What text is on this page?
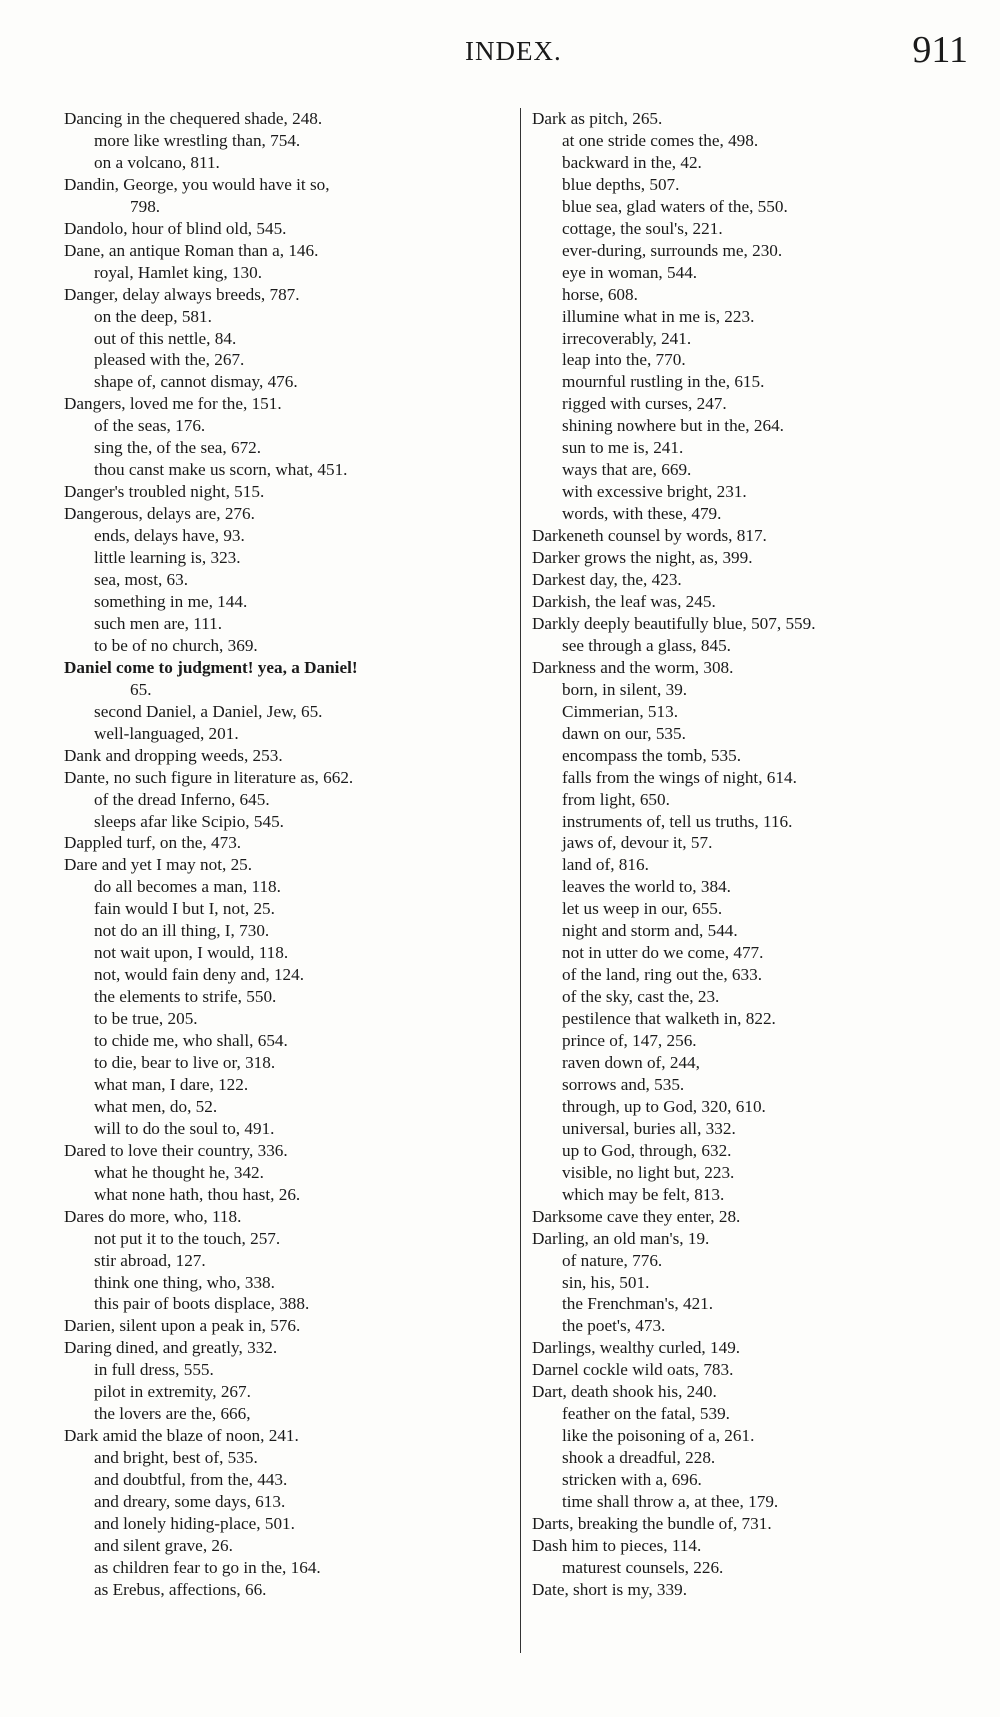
INDEX.	911
Dancing in the chequered shade, 248.
more like wrestling than, 754.
on a volcano, 811.
Dandin, George, you would have it so,
798.
Dandolo, hour of blind old, 545.
Dane, an antique Roman than a, 146.
royal, Hamlet king, 130.
Danger, delay always breeds, 787.
on the deep, 581.
out of this nettle, 84.
pleased with the, 267.
shape of, cannot dismay, 476.
Dangers, loved me for the, 151.
of the seas, 176.
sing the, of the sea, 672.
thou canst make us scorn, what, 451.
Danger's troubled night, 515.
Dangerous, delays are, 276.
ends, delays have, 93.
little learning is, 323.
sea, most, 63.
something in me, 144.
such men are, 111.
to be of no church, 369.
Daniel come to judgment! yea, a Daniel!
65.
second Daniel, a Daniel, Jew, 65.
well-languaged, 201.
Dank and dropping weeds, 253.
Dante, no such figure in literature as, 662.
of the dread Inferno, 645.
sleeps afar like Scipio, 545.
Dappled turf, on the, 473.
Dare and yet I may not, 25.
do all becomes a man, 118.
fain would I but I, not, 25.
not do an ill thing, I, 730.
not wait upon, I would, 118.
not, would fain deny and, 124.
the elements to strife, 550.
to be true, 205.
to chide me, who shall, 654.
to die, bear to live or, 318.
what man, I dare, 122.
what men, do, 52.
will to do the soul to, 491.
Dared to love their country, 336.
what he thought he, 342.
what none hath, thou hast, 26.
Dares do more, who, 118.
not put it to the touch, 257.
stir abroad, 127.
think one thing, who, 338.
this pair of boots displace, 388.
Darien, silent upon a peak in, 576.
Daring dined, and greatly, 332.
in full dress, 555.
pilot in extremity, 267.
the lovers are the, 666,
Dark amid the blaze of noon, 241.
and bright, best of, 535.
and doubtful, from the, 443.
and dreary, some days, 613.
and lonely hiding-place, 501.
and silent grave, 26.
as children fear to go in the, 164.
as Erebus, affections, 66.
Dark as pitch, 265.
at one stride comes the, 498.
backward in the, 42.
blue depths, 507.
blue sea, glad waters of the, 550.
cottage, the soul's, 221.
ever-during, surrounds me, 230.
eye in woman, 544.
horse, 608.
illumine what in me is, 223.
irrecoverably, 241.
leap into the, 770.
mournful rustling in the, 615.
rigged with curses, 247.
shining nowhere but in the, 264.
sun to me is, 241.
ways that are, 669.
with excessive bright, 231.
words, with these, 479.
Darkeneth counsel by words, 817.
Darker grows the night, as, 399.
Darkest day, the, 423.
Darkish, the leaf was, 245.
Darkly deeply beautifully blue, 507, 559.
see through a glass, 845.
Darkness and the worm, 308.
born, in silent, 39.
Cimmerian, 513.
dawn on our, 535.
encompass the tomb, 535.
falls from the wings of night, 614.
from light, 650.
instruments of, tell us truths, 116.
jaws of, devour it, 57.
land of, 816.
leaves the world to, 384.
let us weep in our, 655.
night and storm and, 544.
not in utter do we come, 477.
of the land, ring out the, 633.
of the sky, cast the, 23.
pestilence that walketh in, 822.
prince of, 147, 256.
raven down of, 244,
sorrows and, 535.
through, up to God, 320, 610.
universal, buries all, 332.
up to God, through, 632.
visible, no light but, 223.
which may be felt, 813.
Darksome cave they enter, 28.
Darling, an old man's, 19.
of nature, 776.
sin, his, 501.
the Frenchman's, 421.
the poet's, 473.
Darlings, wealthy curled, 149.
Darnel cockle wild oats, 783.
Dart, death shook his, 240.
feather on the fatal, 539.
like the poisoning of a, 261.
shook a dreadful, 228.
stricken with a, 696.
time shall throw a, at thee, 179.
Darts, breaking the bundle of, 731.
Dash him to pieces, 114.
maturest counsels, 226.
Date, short is my, 339.
